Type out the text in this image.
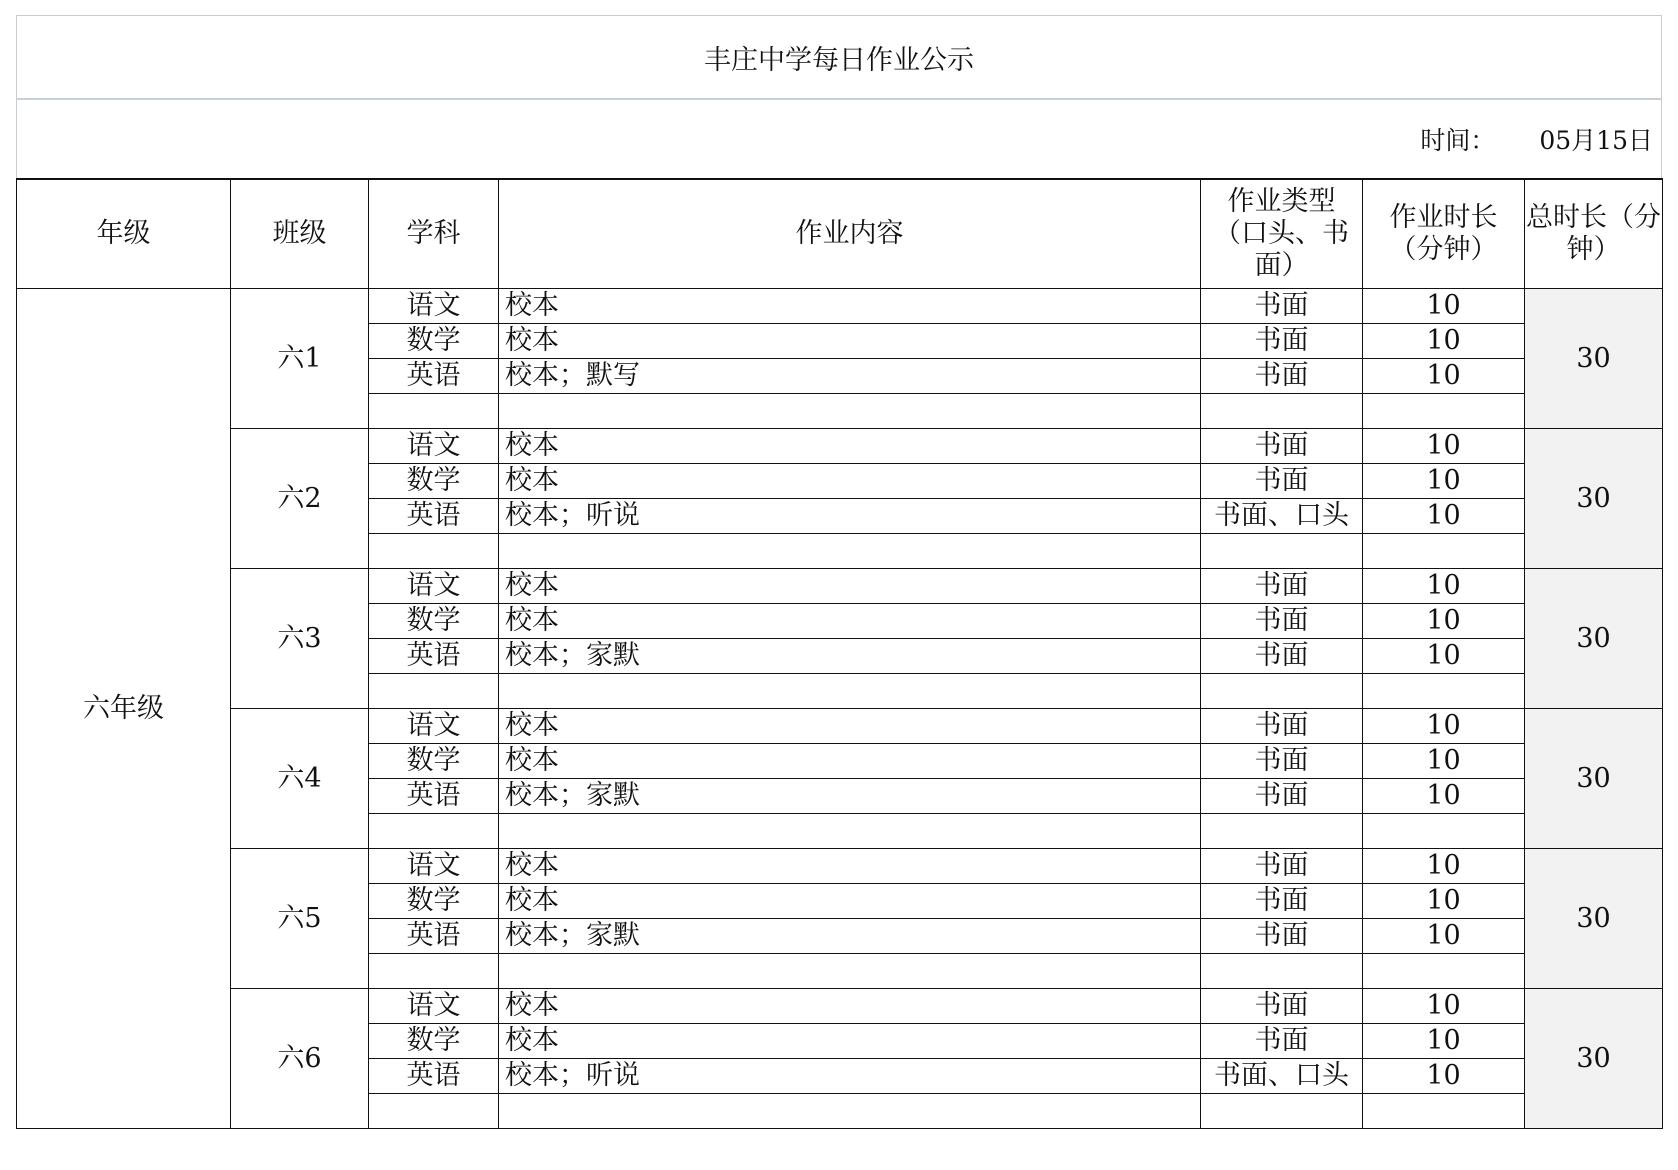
丰庄中学每日作业公示
时间： 05月15日
年级	班级	学科	作业内容	作业类型（口头、书面）	作业时长（分钟）	总时长（分钟）
六年级	六1	语文	校本	书面	10	30
		数学	校本	书面	10	
		英语	校本；默写	书面	10	

	六2	语文	校本	书面	10	30
		数学	校本	书面	10	
		英语	校本；听说	书面、口头	10	

	六3	语文	校本	书面	10	30
		数学	校本	书面	10	
		英语	校本；家默	书面	10	

	六4	语文	校本	书面	10	30
		数学	校本	书面	10	
		英语	校本；家默	书面	10	

	六5	语文	校本	书面	10	30
		数学	校本	书面	10	
		英语	校本；家默	书面	10	

	六6	语文	校本	书面	10	30
		数学	校本	书面	10	
		英语	校本；听说	书面、口头	10	
